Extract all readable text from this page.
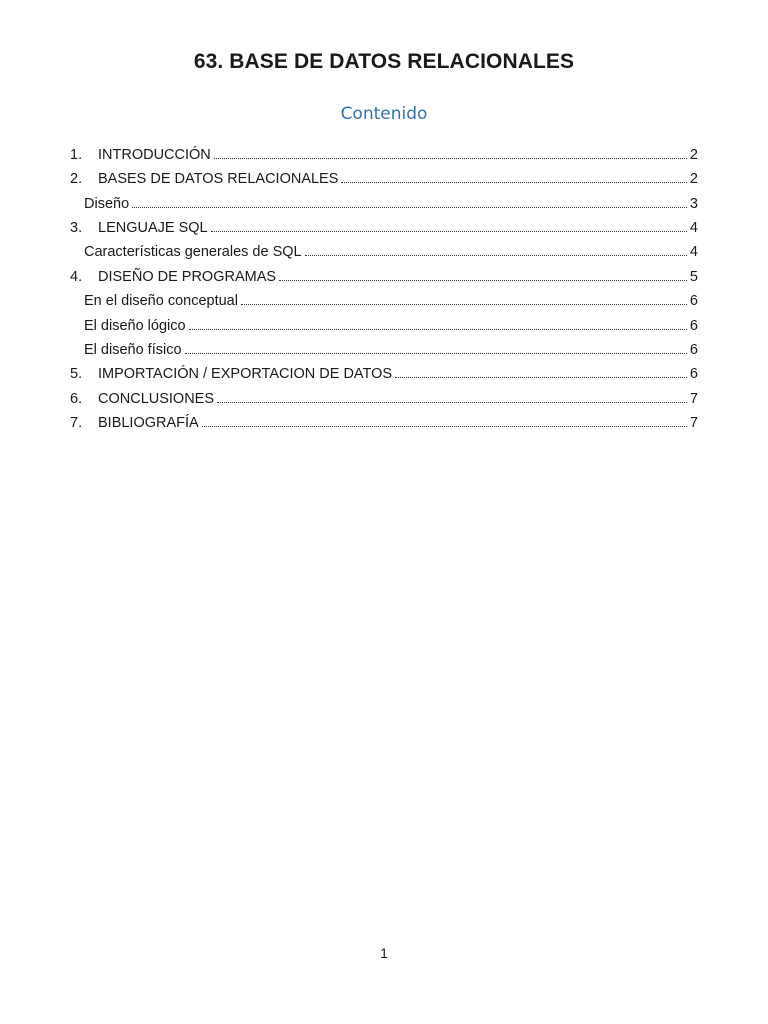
63. BASE DE DATOS RELACIONALES
Contenido
1.	INTRODUCCIÓN	2
2.	BASES DE DATOS RELACIONALES	2
Diseño	3
3.	LENGUAJE SQL	4
Características generales de SQL	4
4.	DISEÑO DE PROGRAMAS	5
En el diseño conceptual	6
El diseño lógico	6
El diseño físico	6
5.	IMPORTACIÓN / EXPORTACION DE DATOS	6
6.	CONCLUSIONES	7
7.	BIBLIOGRAFÍA	7
1
